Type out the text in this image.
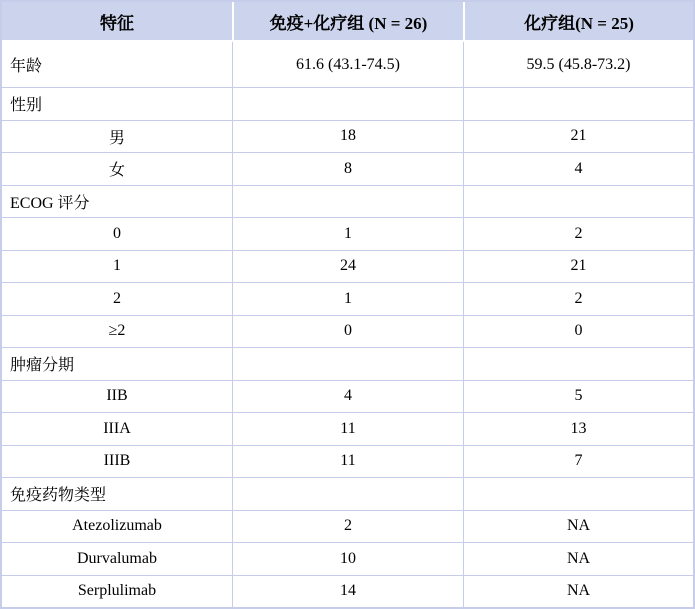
特征	免疫+化疗组 (N = 26)	化疗组(N = 25)
年龄	61.6 (43.1-74.5)	59.5 (45.8-73.2)
性别
男	18	21
女	8	4
ECOG 评分
0	1	2
1	24	21
2	1	2
≥2	0	0
肿瘤分期
IIB	4	5
IIIA	11	13
IIIB	11	7
免疫药物类型
Atezolizumab	2	NA
Durvalumab	10	NA
Serplulimab	14	NA
